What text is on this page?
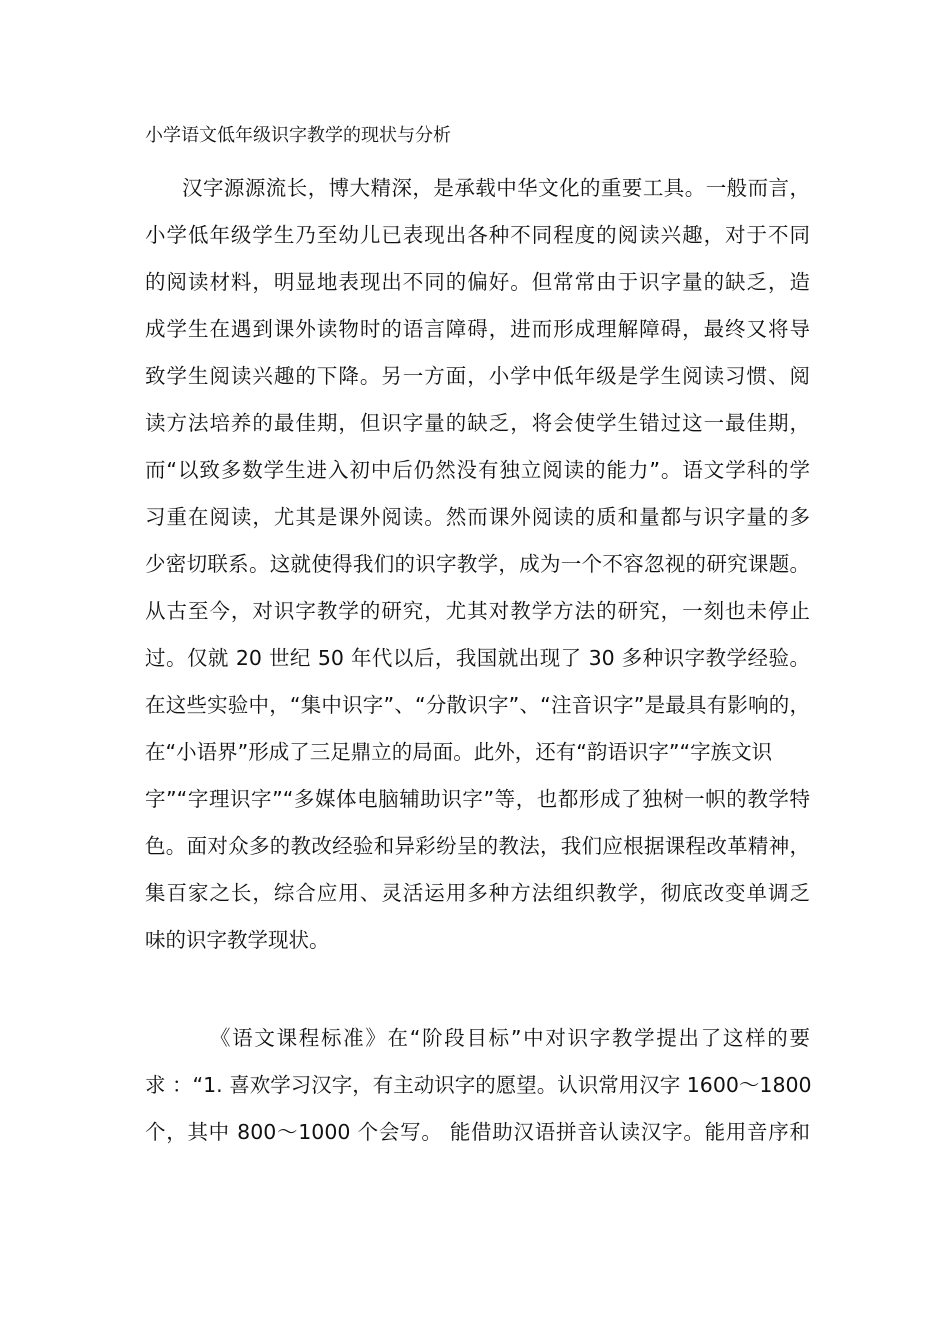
小学语文低年级识字教学的现状与分析
汉字源源流长，博大精深，是承载中华文化的重要工具。一般而言，
小学低年级学生乃至幼儿已表现出各种不同程度的阅读兴趣，对于不同
的阅读材料，明显地表现出不同的偏好。但常常由于识字量的缺乏，造
成学生在遇到课外读物时的语言障碍，进而形成理解障碍，最终又将导
致学生阅读兴趣的下降。另一方面，小学中低年级是学生阅读习惯、阅
读方法培养的最佳期，但识字量的缺乏，将会使学生错过这一最佳期，
而“以致多数学生进入初中后仍然没有独立阅读的能力”。语文学科的学
习重在阅读，尤其是课外阅读。然而课外阅读的质和量都与识字量的多
少密切联系。这就使得我们的识字教学，成为一个不容忽视的研究课题。
从古至今，对识字教学的研究，尤其对教学方法的研究，一刻也未停止
过。仅就 20 世纪 50 年代以后，我国就出现了 30 多种识字教学经验。
在这些实验中，“集中识字”、“分散识字”、“注音识字”是最具有影响的，
在“小语界”形成了三足鼎立的局面。此外，还有“韵语识字”“字族文识
字”“字理识字”“多媒体电脑辅助识字”等，也都形成了独树一帜的教学特
色。面对众多的教改经验和异彩纷呈的教法，我们应根据课程改革精神，
集百家之长，综合应用、灵活运用多种方法组织教学，彻底改变单调乏
味的识字教学现状。
《语文课程标准》在“阶段目标”中对识字教学提出了这样的要
求 ：“1. 喜欢学习汉字，有主动识字的愿望。认识常用汉字 1600～1800
个，其中 800～1000 个会写。 能借助汉语拼音认读汉字。能用音序和
